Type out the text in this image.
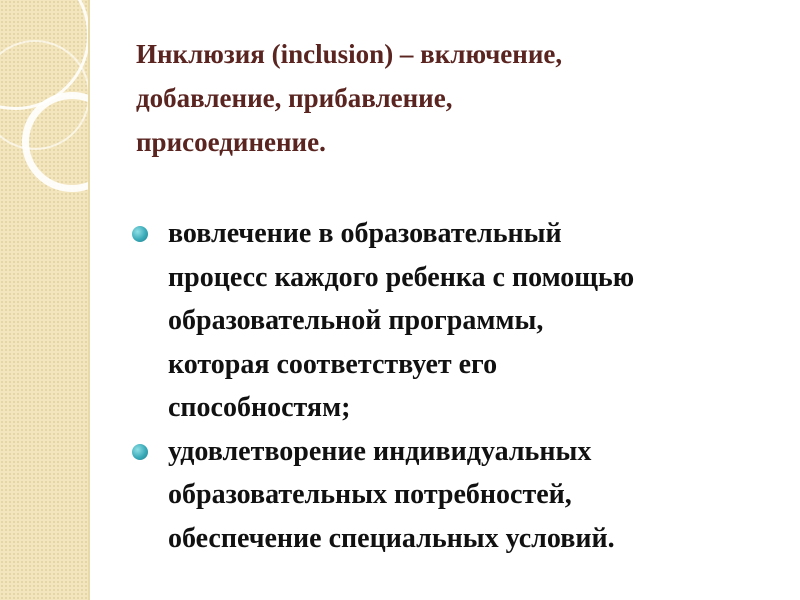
Инклюзия (inclusion) – включение,
добавление, прибавление,
присоединение.
вовлечение в образовательный
процесс каждого ребенка с помощью
образовательной программы,
которая соответствует его
способностям;
удовлетворение индивидуальных
образовательных потребностей,
обеспечение специальных условий.
